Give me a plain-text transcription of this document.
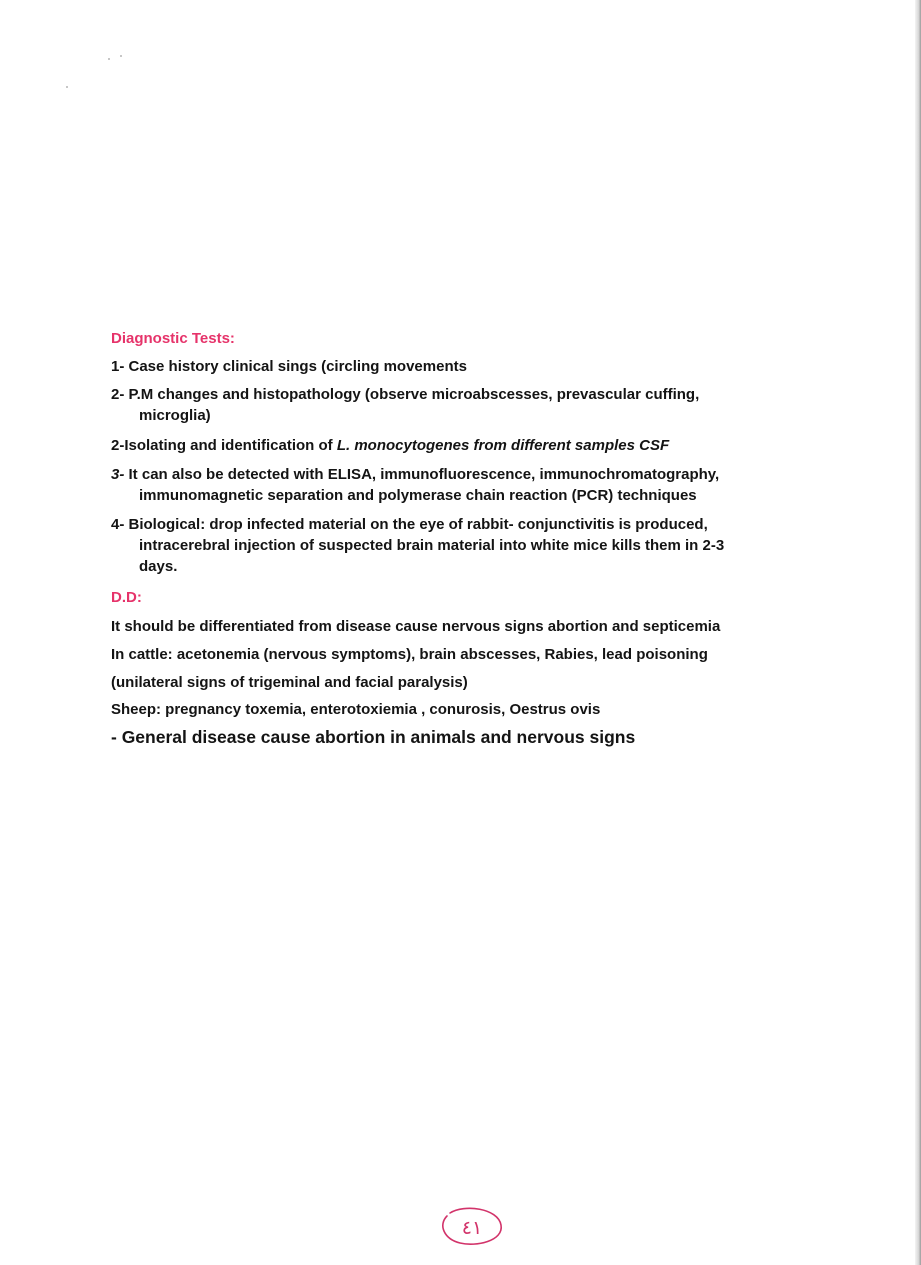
Diagnostic Tests:
1- Case history clinical sings (circling movements
2- P.M changes and histopathology (observe microabscesses, prevascular cuffing,
microglia)
2-Isolating and identification of L. monocytogenes from different samples CSF
3- It can also be detected with ELISA, immunofluorescence, immunochromatography,
immunomagnetic separation and polymerase chain reaction (PCR) techniques
4- Biological: drop infected material on the eye of rabbit- conjunctivitis is produced,
intracerebral injection of suspected brain material into white mice kills them in 2-3
days.
D.D:
It should be differentiated from disease cause nervous signs abortion and septicemia
In cattle: acetonemia (nervous symptoms), brain abscesses, Rabies, lead poisoning
(unilateral signs of trigeminal and facial paralysis)
Sheep: pregnancy toxemia, enterotoxiemia , conurosis, Oestrus ovis
- General disease cause abortion in animals and nervous signs
٤١
